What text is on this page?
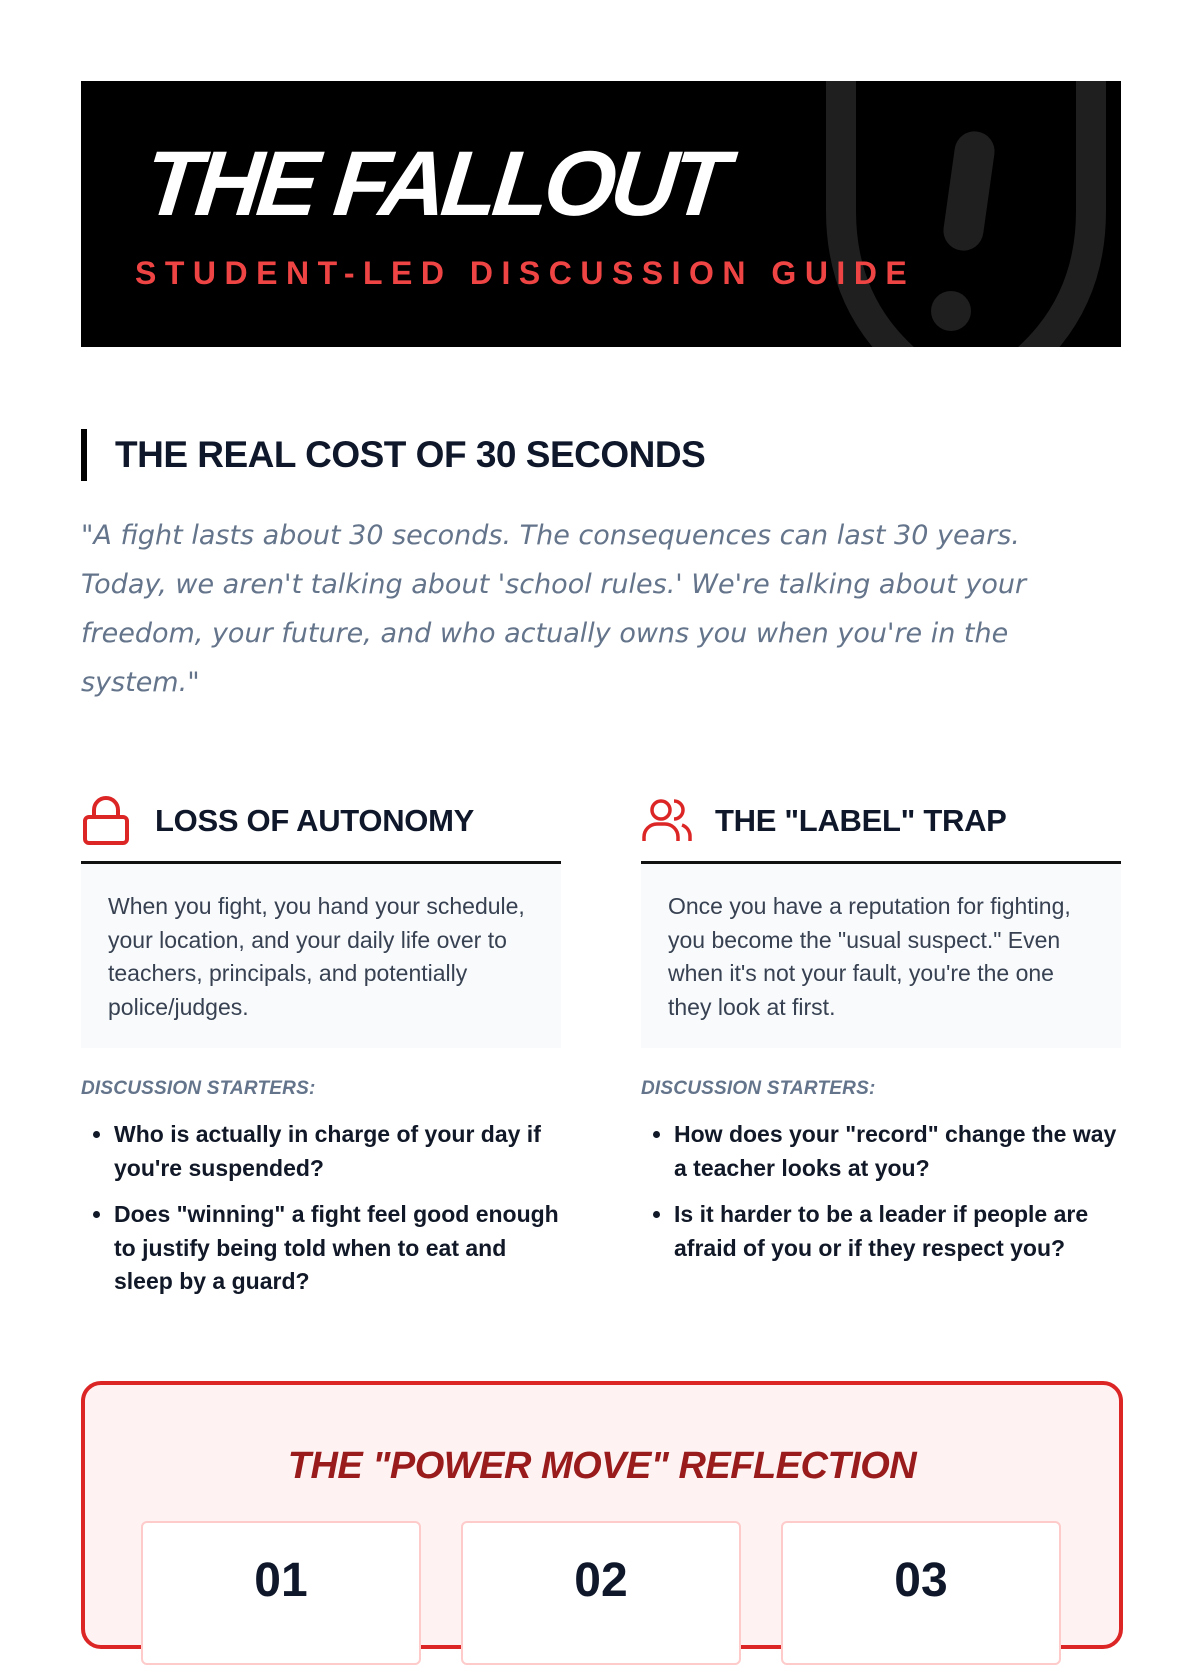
THE FALLOUT
STUDENT-LED DISCUSSION GUIDE
THE REAL COST OF 30 SECONDS
"A fight lasts about 30 seconds. The consequences can last 30 years. Today, we aren't talking about 'school rules.' We're talking about your freedom, your future, and who actually owns you when you're in the system."
LOSS OF AUTONOMY
When you fight, you hand your schedule, your location, and your daily life over to teachers, principals, and potentially police/judges.
DISCUSSION STARTERS:
• Who is actually in charge of your day if you're suspended?
• Does "winning" a fight feel good enough to justify being told when to eat and sleep by a guard?
THE "LABEL" TRAP
Once you have a reputation for fighting, you become the "usual suspect." Even when it's not your fault, you're the one they look at first.
DISCUSSION STARTERS:
• How does your "record" change the way a teacher looks at you?
• Is it harder to be a leader if people are afraid of you or if they respect you?
THE "POWER MOVE" REFLECTION
01	02	03
